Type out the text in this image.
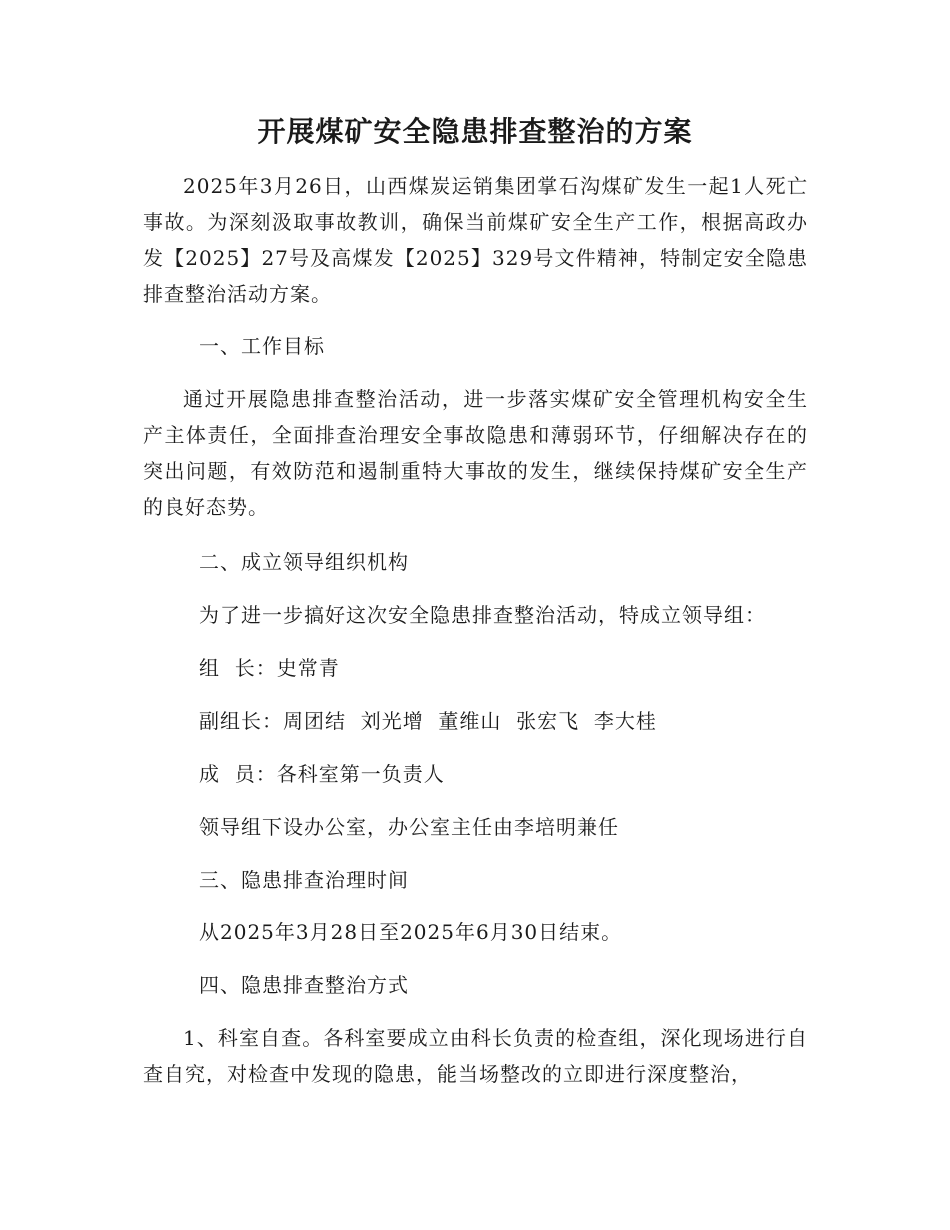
开展煤矿安全隐患排查整治的方案

2025年3月26日，山西煤炭运销集团掌石沟煤矿发生一起1人死亡事故。为深刻汲取事故教训，确保当前煤矿安全生产工作，根据高政办发【2025】27号及高煤发【2025】329号文件精神，特制定安全隐患排查整治活动方案。

一、工作目标

通过开展隐患排查整治活动，进一步落实煤矿安全管理机构安全生产主体责任，全面排查治理安全事故隐患和薄弱环节，仔细解决存在的突出问题，有效防范和遏制重特大事故的发生，继续保持煤矿安全生产的良好态势。

二、成立领导组织机构

为了进一步搞好这次安全隐患排查整治活动，特成立领导组：

组  长：史常青

副组长：周团结  刘光增  董维山  张宏飞  李大桂

成  员：各科室第一负责人

领导组下设办公室，办公室主任由李培明兼任

三、隐患排查治理时间

从2025年3月28日至2025年6月30日结束。

四、隐患排查整治方式

1、科室自查。各科室要成立由科长负责的检查组，深化现场进行自查自究，对检查中发现的隐患，能当场整改的立即进行深度整治，
